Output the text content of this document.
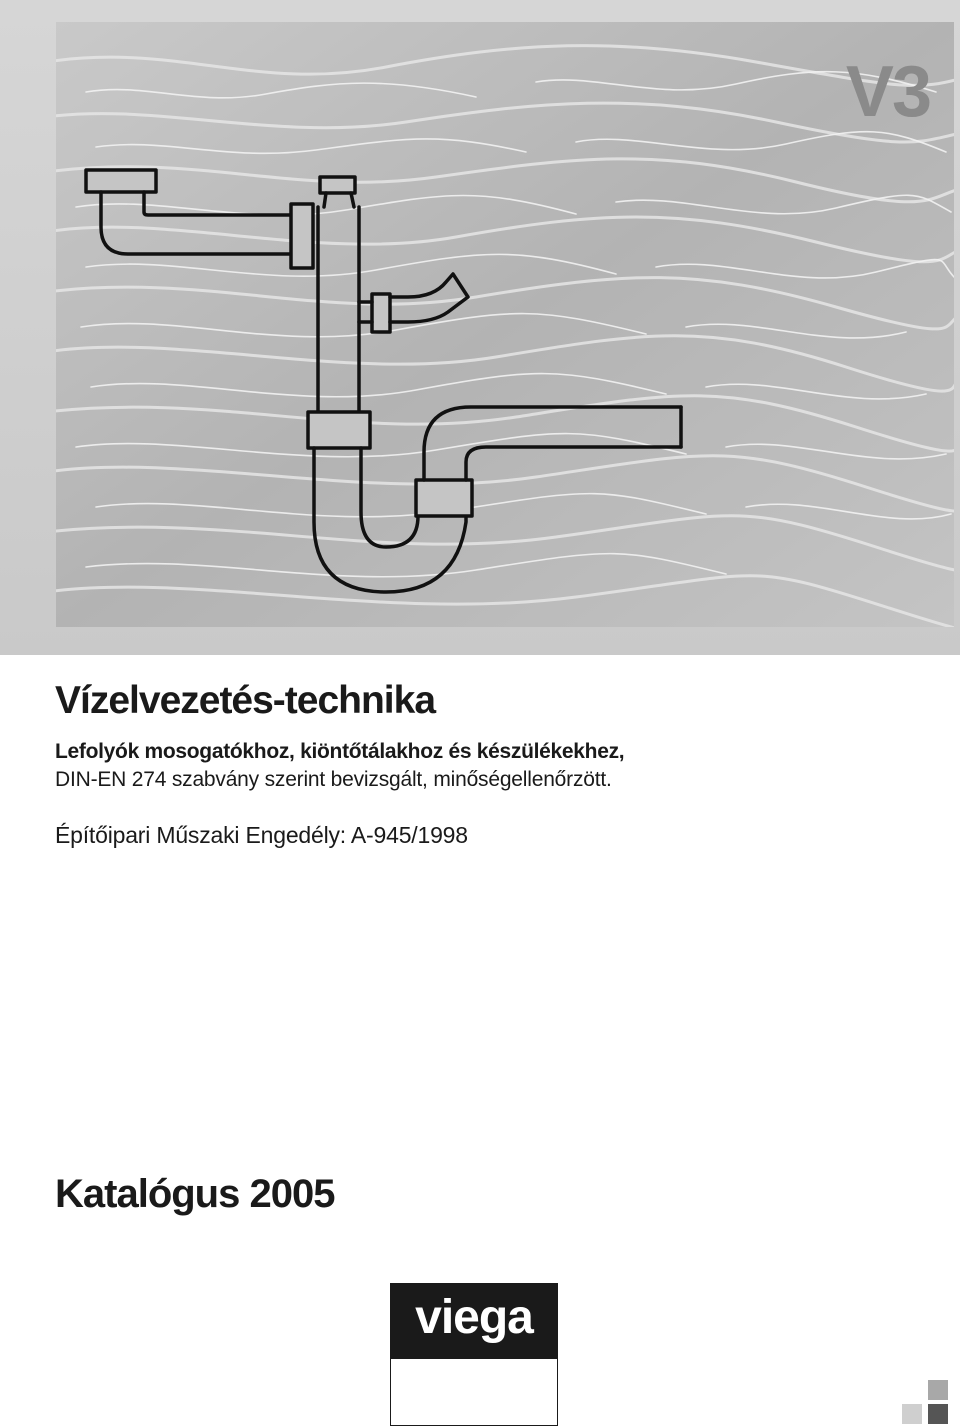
V3
Vízelvezetés-technika
Lefolyók mosogatókhoz, kiöntőtálakhoz és készülékekhez,
DIN-EN 274 szabvány szerint bevizsgált, minőségellenőrzött.
Építőipari Műszaki Engedély: A-945/1998
Katalógus 2005
viega
